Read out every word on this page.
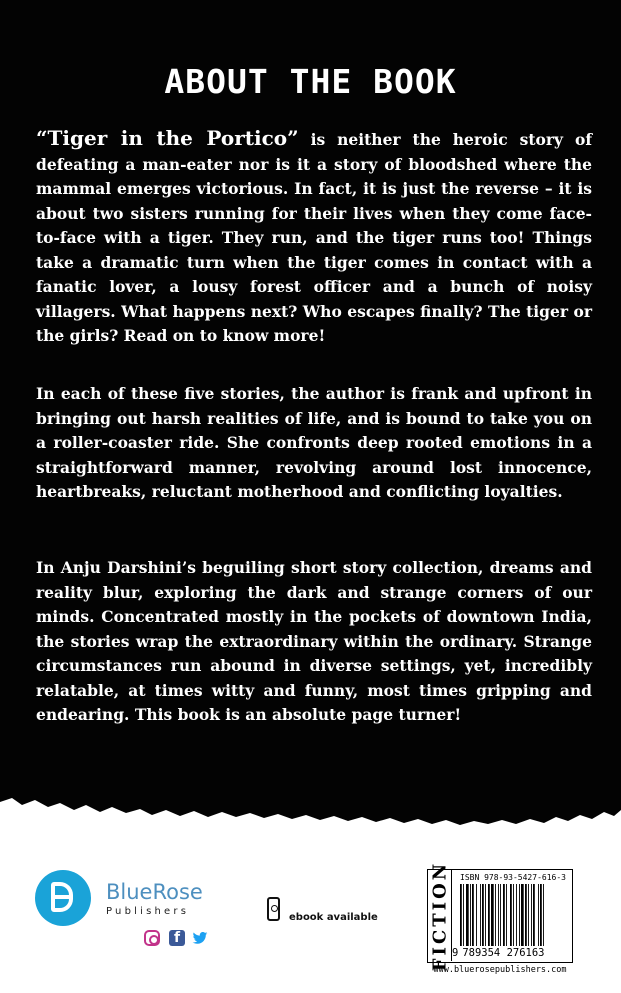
ABOUT THE BOOK

“Tiger in the Portico” is neither the heroic story of defeating a man-eater nor is it a story of bloodshed where the mammal emerges victorious. In fact, it is just the reverse – it is about two sisters running for their lives when they come face-to-face with a tiger. They run, and the tiger runs too! Things take a dramatic turn when the tiger comes in contact with a fanatic lover, a lousy forest officer and a bunch of noisy villagers. What happens next? Who escapes finally? The tiger or the girls? Read on to know more!

In each of these five stories, the author is frank and upfront in bringing out harsh realities of life, and is bound to take you on a roller-coaster ride. She confronts deep rooted emotions in a straightforward manner, revolving around lost innocence, heartbreaks, reluctant motherhood and conflicting loyalties.

In Anju Darshini’s beguiling short story collection, dreams and reality blur, exploring the dark and strange corners of our minds. Concentrated mostly in the pockets of downtown India, the stories wrap the extraordinary within the ordinary. Strange circumstances run abound in diverse settings, yet, incredibly relatable, at times witty and funny, most times gripping and endearing. This book is an absolute page turner!

BlueRose
Publishers
f
ebook available	FICTION ISBN 978-93-5427-616-3
9 789354 276163
www.bluerosepublishers.com
